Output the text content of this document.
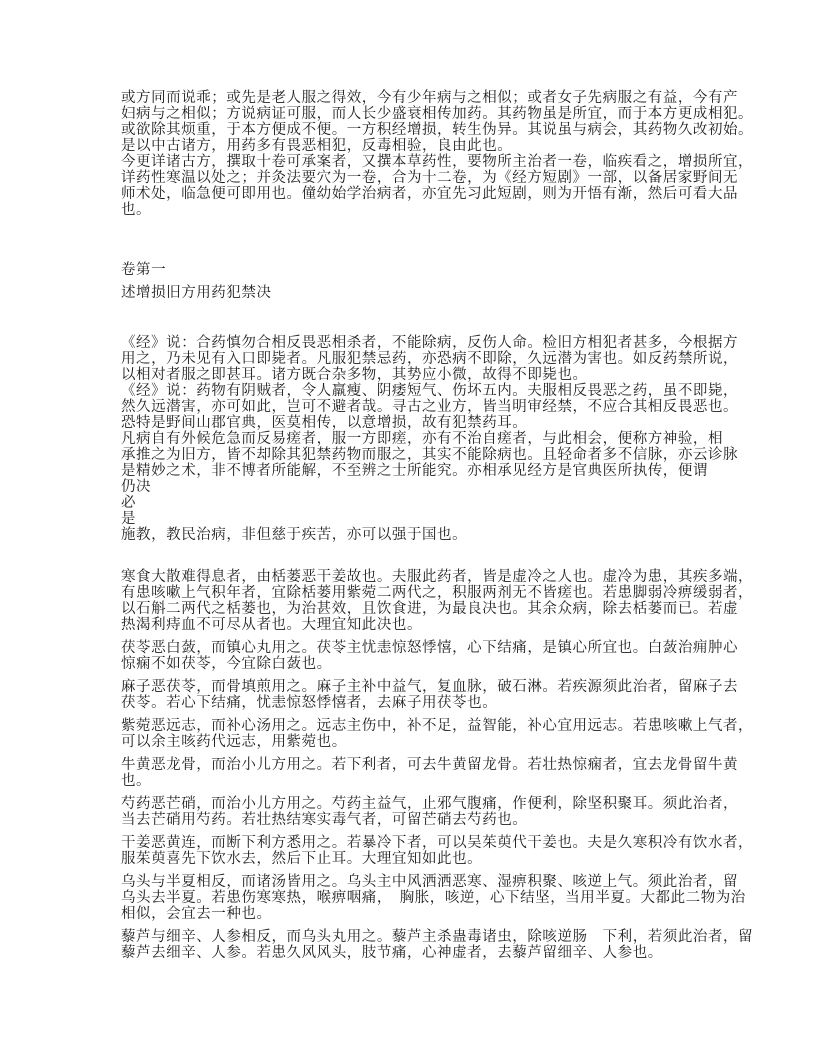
或方同而说乖；或先是老人服之得效，今有少年病与之相似；或者女子先病服之有益，今有产
妇病与之相似；方说病证可服，而人长少盛衰相传加药。其药物虽是所宜，而于本方更成相犯。
或欲除其烦重，于本方便成不便。一方积经增损，转生伪异。其说虽与病会，其药物久改初始。
是以中古诸方，用药多有畏恶相犯，反毒相验，良由此也。
今更详诸古方，撰取十卷可承案者，又撰本草药性，要物所主治者一卷，临疾看之，增损所宜，
详药性寒温以处之；并灸法要穴为一卷，合为十二卷，为《经方短剧》一部，以备居家野间无
师术处，临急便可即用也。僮幼始学治病者，亦宜先习此短剧，则为开悟有渐，然后可看大品
也。
卷第一
述增损旧方用药犯禁决
《经》说：合药慎勿合相反畏恶相杀者，不能除病，反伤人命。检旧方相犯者甚多，今根据方
用之，乃未见有入口即毙者。凡服犯禁忌药，亦恐病不即除，久远潜为害也。如反药禁所说，
以相对者服之即甚耳。诸方既合杂多物，其势应小微，故得不即毙也。
《经》说：药物有阴贼者，令人羸瘦、阴痿短气、伤坏五内。夫服相反畏恶之药，虽不即毙，
然久远潜害，亦可如此，岂可不避者哉。寻古之业方，皆当明审经禁，不应合其相反畏恶也。
恐特是野间山郡官典，医莫相传，以意增损，故有犯禁药耳。
凡病自有外候危急而反易瘥者，服一方即瘥，亦有不治自瘥者，与此相会，便称方神验，相
承推之为旧方，皆不却除其犯禁药物而服之，其实不能除病也。且轻命者多不信脉，亦云诊脉
是精妙之术，非不博者所能解，不至辨之士所能究。亦相承见经方是官典医所执传，便谓
仍决
必
是
施教，教民治病，非但慈于疾苦，亦可以强于国也。
寒食大散难得息者，由栝蒌恶干姜故也。夫服此药者，皆是虚冷之人也。虚冷为患，其疾多端，
有患咳嗽上气积年者，宜除栝蒌用紫菀二两代之，积服两剂无不皆瘥也。若患脚弱冷痹缓弱者，
以石斛二两代之栝蒌也，为治甚效，且饮食进，为最良决也。其余众病，除去栝蒌而已。若虚
热渴利痔血不可尽从者也。大理宜知此决也。
茯苓恶白蔹，而镇心丸用之。茯苓主忧恚惊怒悸憘，心下结痛，是镇心所宜也。白蔹治痈肿心
惊痫不如茯苓，今宜除白蔹也。
麻子恶茯苓，而骨填煎用之。麻子主补中益气，复血脉，破石淋。若疾源须此治者，留麻子去
茯苓。若心下结痛，忧恚惊怒悸憘者，去麻子用茯苓也。
紫菀恶远志，而补心汤用之。远志主伤中，补不足，益智能，补心宜用远志。若患咳嗽上气者，
可以余主咳药代远志，用紫菀也。
牛黄恶龙骨，而治小儿方用之。若下利者，可去牛黄留龙骨。若壮热惊痫者，宜去龙骨留牛黄
也。
芍药恶芒硝，而治小儿方用之。芍药主益气，止邪气腹痛，作便利，除坚积聚耳。须此治者，
当去芒硝用芍药。若壮热结寒实毒气者，可留芒硝去芍药也。
干姜恶黄连，而断下利方悉用之。若暴冷下者，可以吴茱萸代干姜也。夫是久寒积冷有饮水者，
服茱萸喜先下饮水去，然后下止耳。大理宜知如此也。
乌头与半夏相反，而诸汤皆用之。乌头主中风洒洒恶寒、湿痹积聚、咳逆上气。须此治者，留
乌头去半夏。若患伤寒寒热，喉痹咽痛，　胸胀，咳逆，心下结坚，当用半夏。大都此二物为治
相似，会宜去一种也。
藜芦与细辛、人参相反，而乌头丸用之。藜芦主杀蛊毒诸虫，除咳逆肠　下利，若须此治者，留
藜芦去细辛、人参。若患久风风头，肢节痛，心神虚者，去藜芦留细辛、人参也。
